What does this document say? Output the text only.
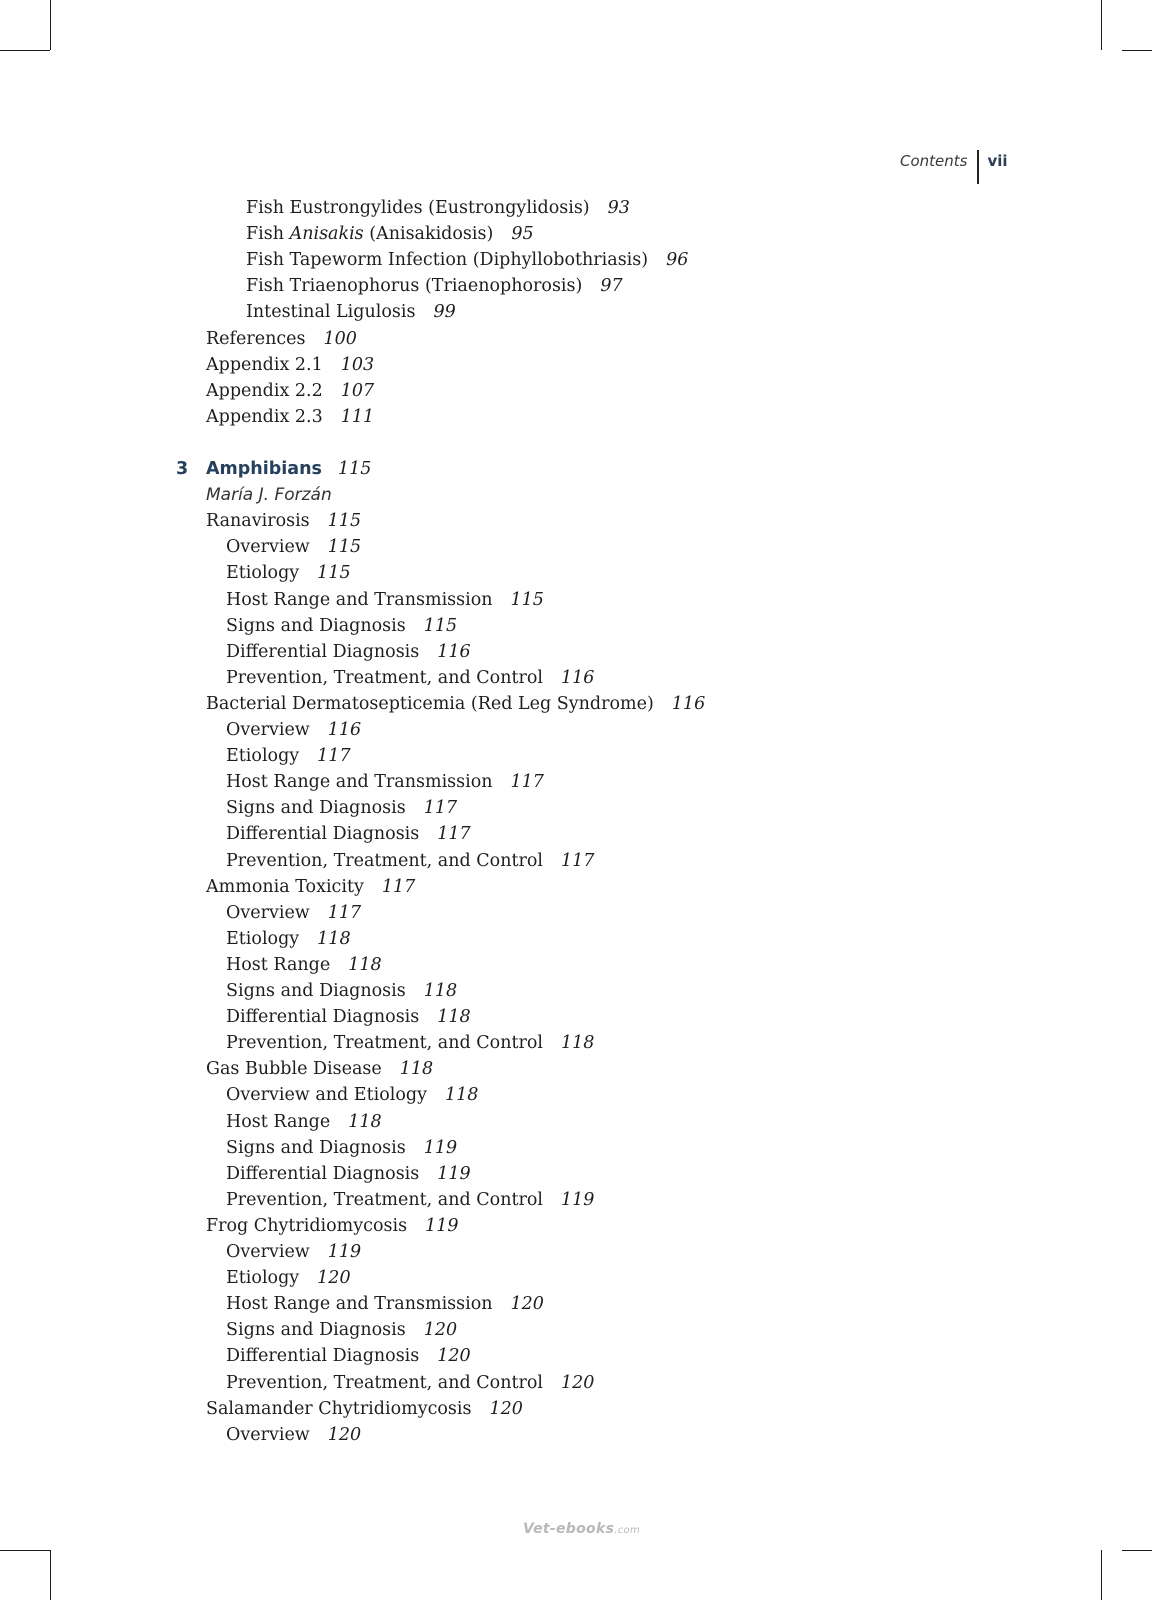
Contents vii
Fish Eustrongylides (Eustrongylidosis) 93
Fish Anisakis (Anisakidosis) 95
Fish Tapeworm Infection (Diphyllobothriasis) 96
Fish Triaenophorus (Triaenophorosis) 97
Intestinal Ligulosis 99
References 100
Appendix 2.1 103
Appendix 2.2 107
Appendix 2.3 111
3 Amphibians 115
María J. Forzán
Ranavirosis 115
Overview 115
Etiology 115
Host Range and Transmission 115
Signs and Diagnosis 115
Differential Diagnosis 116
Prevention, Treatment, and Control 116
Bacterial Dermatosepticemia (Red Leg Syndrome) 116
Overview 116
Etiology 117
Host Range and Transmission 117
Signs and Diagnosis 117
Differential Diagnosis 117
Prevention, Treatment, and Control 117
Ammonia Toxicity 117
Overview 117
Etiology 118
Host Range 118
Signs and Diagnosis 118
Differential Diagnosis 118
Prevention, Treatment, and Control 118
Gas Bubble Disease 118
Overview and Etiology 118
Host Range 118
Signs and Diagnosis 119
Differential Diagnosis 119
Prevention, Treatment, and Control 119
Frog Chytridiomycosis 119
Overview 119
Etiology 120
Host Range and Transmission 120
Signs and Diagnosis 120
Differential Diagnosis 120
Prevention, Treatment, and Control 120
Salamander Chytridiomycosis 120
Overview 120
Vet-ebooks.com
